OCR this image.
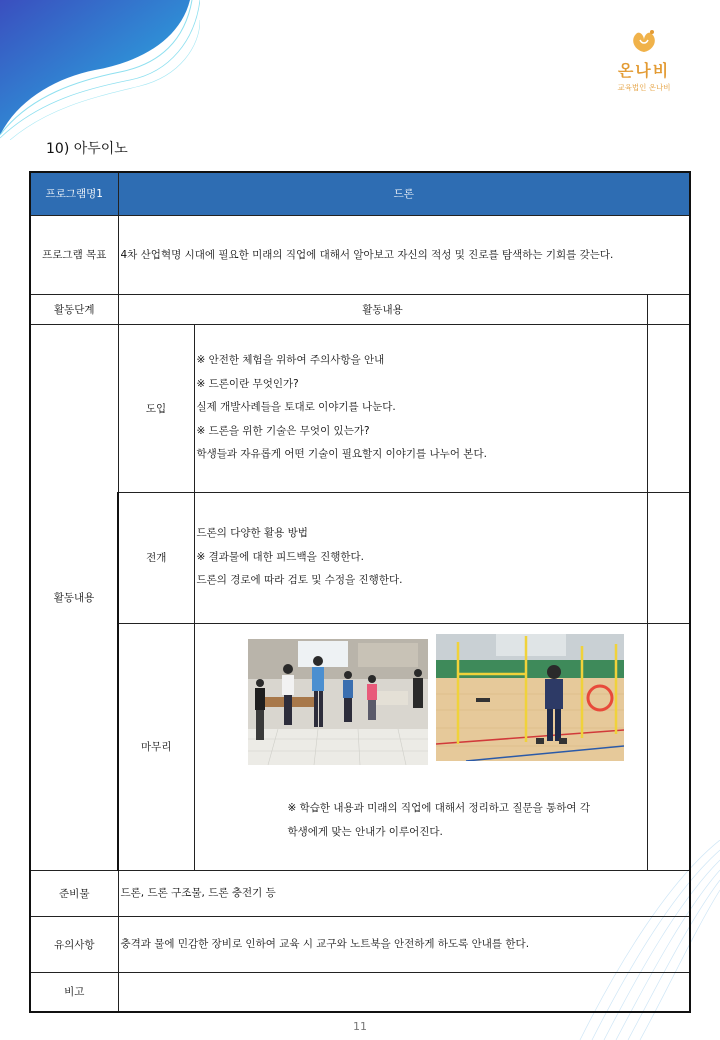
온나비
교육법인 온나비
10) 아두이노
프로그램명1	드론		
프로그램 목표	4차 산업혁명 시대에 필요한 미래의 직업에 대해서 알아보고 자신의 적성 및 진로를 탐색하는 기회를 갖는다.		
활동단계	활동내용		
활동내용	도입	※ 안전한 체험을 위하여 주의사항을 안내
※ 드론이란 무엇인가?
실제 개발사례들을 토대로 이야기를 나눈다.
※ 드론을 위한 기술은 무엇이 있는가?
학생들과 자유롭게 어떤 기술이 필요할지 이야기를 나누어 본다.	

	전개	드론의 다양한 활용 방법
※ 결과물에 대한 피드백을 진행한다.
드론의 경로에 따라 검토 및 수정을 진행한다.	

	마무리	※ 학습한 내용과 미래의 직업에 대해서 정리하고 질문을 통하여 각
학생에게 맞는 안내가 이루어진다.	

준비물	드론, 드론 구조물, 드론 충전기 등		
유의사항	충격과 물에 민감한 장비로 인하여 교육 시 교구와 노트북을 안전하게 하도록 안내를 한다.		
비고			
11
